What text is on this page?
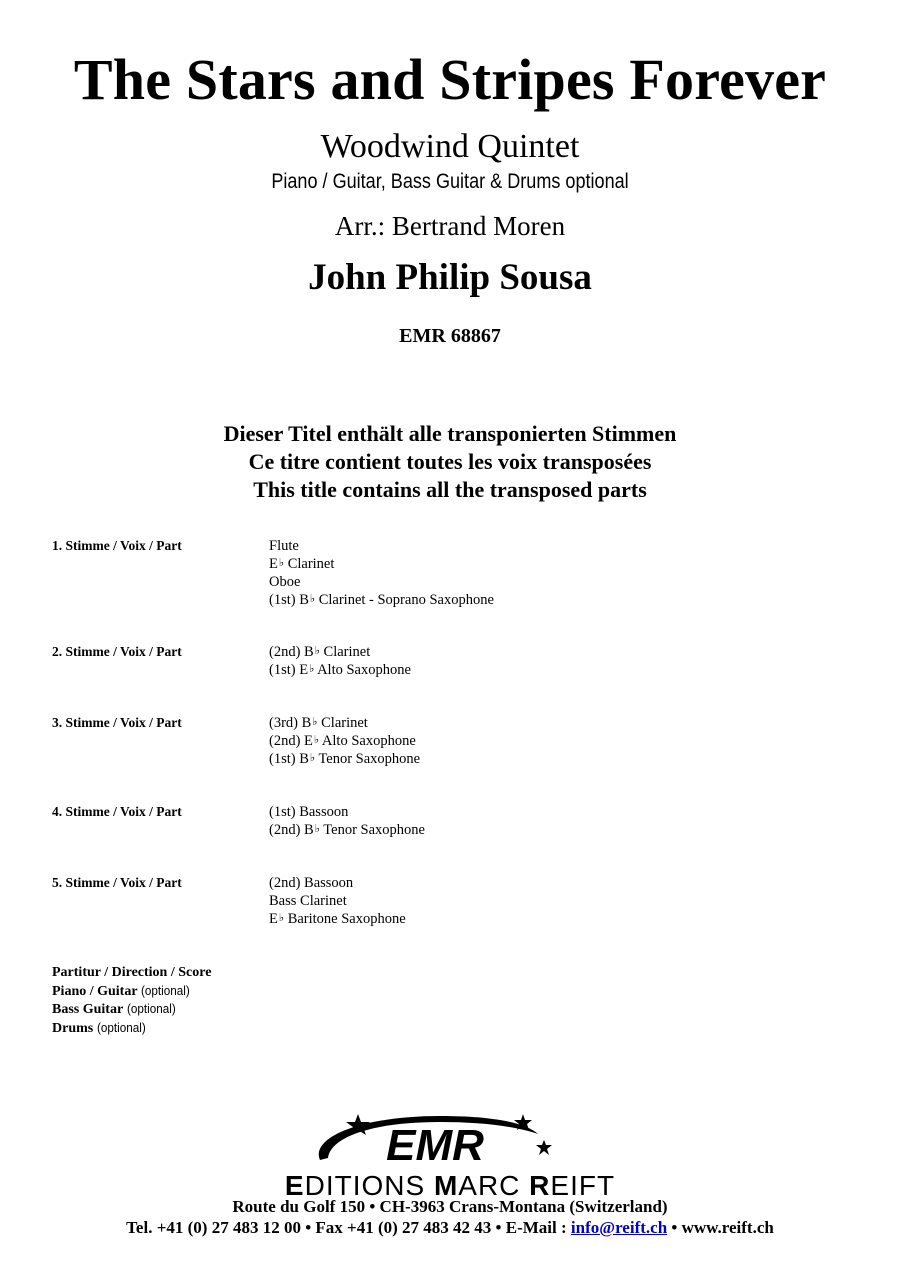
The Stars and Stripes Forever
Woodwind Quintet
Piano / Guitar, Bass Guitar & Drums optional
Arr.: Bertrand Moren
John Philip Sousa
EMR 68867
Dieser Titel enthält alle transponierten Stimmen
Ce titre contient toutes les voix transposées
This title contains all the transposed parts
1. Stimme / Voix / Part	Flute
E♭ Clarinet
Oboe
(1st) B♭ Clarinet - Soprano Saxophone
2. Stimme / Voix / Part	(2nd) B♭ Clarinet
(1st) E♭ Alto Saxophone
3. Stimme / Voix / Part	(3rd) B♭ Clarinet
(2nd) E♭ Alto Saxophone
(1st) B♭ Tenor Saxophone
4. Stimme / Voix / Part	(1st) Bassoon
(2nd) B♭ Tenor Saxophone
5. Stimme / Voix / Part	(2nd) Bassoon
Bass Clarinet
E♭ Baritone Saxophone
Partitur / Direction / Score
Piano / Guitar (optional)
Bass Guitar (optional)
Drums (optional)
EMR
EDITIONS MARC REIFT
Route du Golf 150 • CH-3963 Crans-Montana (Switzerland)
Tel. +41 (0) 27 483 12 00 • Fax +41 (0) 27 483 42 43 • E-Mail : info@reift.ch • www.reift.ch
